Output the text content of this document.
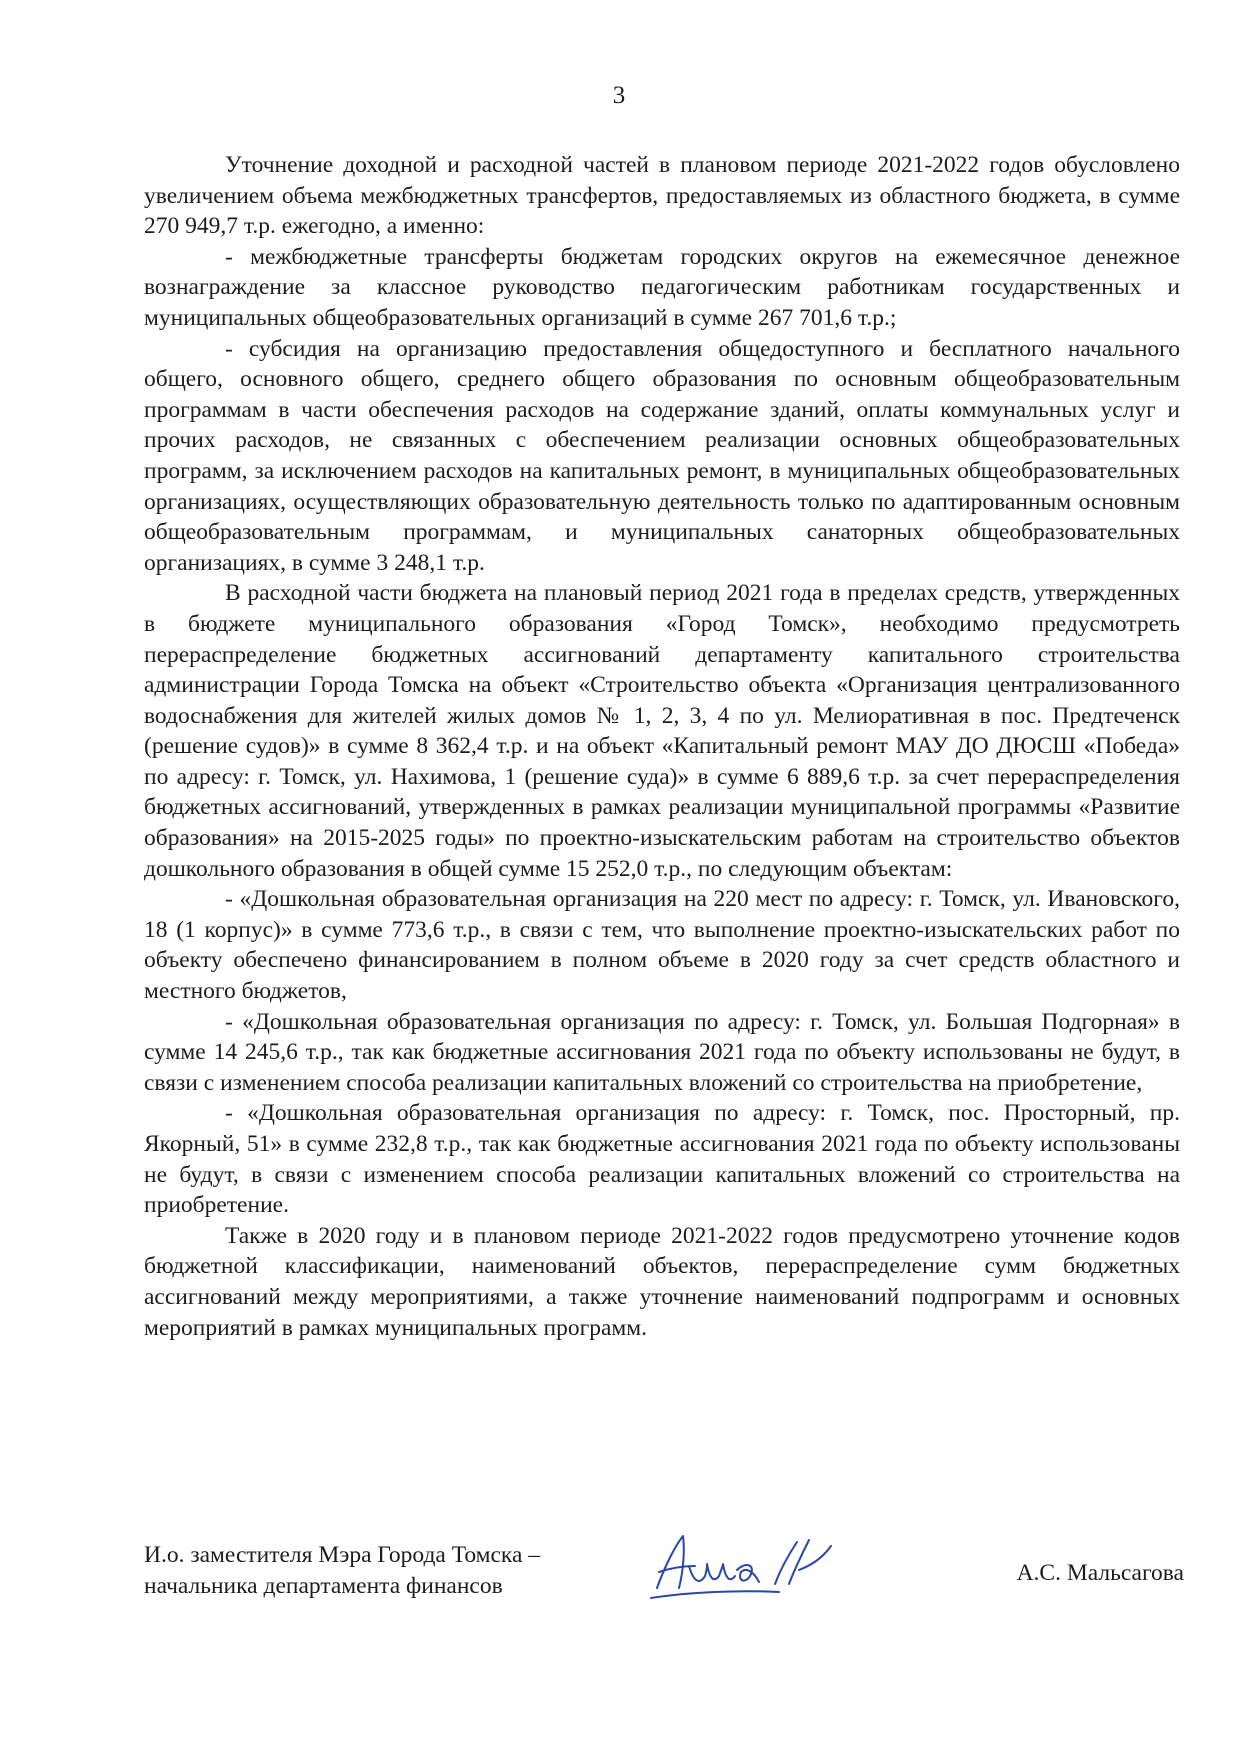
3

Уточнение доходной и расходной частей в плановом периоде 2021-2022 годов обусловлено увеличением объема межбюджетных трансфертов, предоставляемых из областного бюджета, в сумме 270 949,7 т.р. ежегодно, а именно:

- межбюджетные трансферты бюджетам городских округов на ежемесячное денежное вознаграждение за классное руководство педагогическим работникам государственных и муниципальных общеобразовательных организаций в сумме 267 701,6 т.р.;

- субсидия на организацию предоставления общедоступного и бесплатного начального общего, основного общего, среднего общего образования по основным общеобразовательным программам в части обеспечения расходов на содержание зданий, оплаты коммунальных услуг и прочих расходов, не связанных с обеспечением реализации основных общеобразовательных программ, за исключением расходов на капитальных ремонт, в муниципальных общеобразовательных организациях, осуществляющих образовательную деятельность только по адаптированным основным общеобразовательным программам, и муниципальных санаторных общеобразовательных организациях, в сумме 3 248,1 т.р.

В расходной части бюджета на плановый период 2021 года в пределах средств, утвержденных в бюджете муниципального образования «Город Томск», необходимо предусмотреть перераспределение бюджетных ассигнований департаменту капитального строительства администрации Города Томска на объект «Строительство объекта «Организация централизованного водоснабжения для жителей жилых домов № 1, 2, 3, 4 по ул. Мелиоративная в пос. Предтеченск (решение судов)» в сумме 8 362,4 т.р. и на объект «Капитальный ремонт МАУ ДО ДЮСШ «Победа» по адресу: г. Томск, ул. Нахимова, 1 (решение суда)» в сумме 6 889,6 т.р. за счет перераспределения бюджетных ассигнований, утвержденных в рамках реализации муниципальной программы «Развитие образования» на 2015-2025 годы» по проектно-изыскательским работам на строительство объектов дошкольного образования в общей сумме 15 252,0 т.р., по следующим объектам:

- «Дошкольная образовательная организация на 220 мест по адресу: г. Томск, ул. Ивановского, 18 (1 корпус)» в сумме 773,6 т.р., в связи с тем, что выполнение проектно-изыскательских работ по объекту обеспечено финансированием в полном объеме в 2020 году за счет средств областного и местного бюджетов,

- «Дошкольная образовательная организация по адресу: г. Томск, ул. Большая Подгорная» в сумме 14 245,6 т.р., так как бюджетные ассигнования 2021 года по объекту использованы не будут, в связи с изменением способа реализации капитальных вложений со строительства на приобретение,

- «Дошкольная образовательная организация по адресу: г. Томск, пос. Просторный, пр. Якорный, 51» в сумме 232,8 т.р., так как бюджетные ассигнования 2021 года по объекту использованы не будут, в связи с изменением способа реализации капитальных вложений со строительства на приобретение.

Также в 2020 году и в плановом периоде 2021-2022 годов предусмотрено уточнение кодов бюджетной классификации, наименований объектов, перераспределение сумм бюджетных ассигнований между мероприятиями, а также уточнение наименований подпрограмм и основных мероприятий в рамках муниципальных программ.

И.о. заместителя Мэра Города Томска –
начальника департамента финансов	А.С. Мальсагова
